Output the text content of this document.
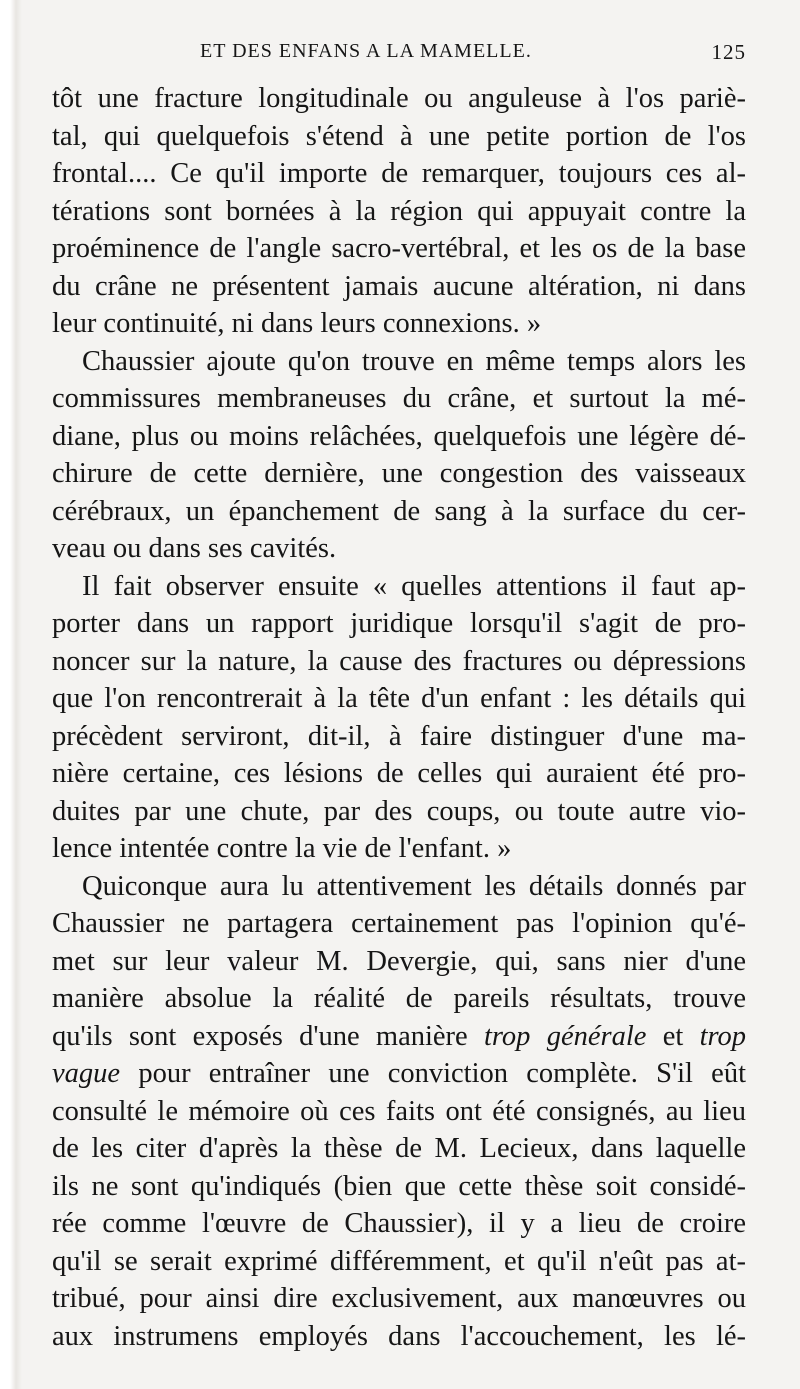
ET DES ENFANS A LA MAMELLE.	125
tôt une fracture longitudinale ou anguleuse à l'os pariè-
tal, qui quelquefois s'étend à une petite portion de l'os
frontal.... Ce qu'il importe de remarquer, toujours ces al-
térations sont bornées à la région qui appuyait contre la
proéminence de l'angle sacro-vertébral, et les os de la base
du crâne ne présentent jamais aucune altération, ni dans
leur continuité, ni dans leurs connexions. »
Chaussier ajoute qu'on trouve en même temps alors les
commissures membraneuses du crâne, et surtout la mé-
diane, plus ou moins relâchées, quelquefois une légère dé-
chirure de cette dernière, une congestion des vaisseaux
cérébraux, un épanchement de sang à la surface du cer-
veau ou dans ses cavités.
Il fait observer ensuite « quelles attentions il faut ap-
porter dans un rapport juridique lorsqu'il s'agit de pro-
noncer sur la nature, la cause des fractures ou dépressions
que l'on rencontrerait à la tête d'un enfant : les détails qui
précèdent serviront, dit-il, à faire distinguer d'une ma-
nière certaine, ces lésions de celles qui auraient été pro-
duites par une chute, par des coups, ou toute autre vio-
lence intentée contre la vie de l'enfant. »
Quiconque aura lu attentivement les détails donnés par
Chaussier ne partagera certainement pas l'opinion qu'é-
met sur leur valeur M. Devergie, qui, sans nier d'une
manière absolue la réalité de pareils résultats, trouve
qu'ils sont exposés d'une manière trop générale et trop
vague pour entraîner une conviction complète. S'il eût
consulté le mémoire où ces faits ont été consignés, au lieu
de les citer d'après la thèse de M. Lecieux, dans laquelle
ils ne sont qu'indiqués (bien que cette thèse soit considé-
rée comme l'œuvre de Chaussier), il y a lieu de croire
qu'il se serait exprimé différemment, et qu'il n'eût pas at-
tribué, pour ainsi dire exclusivement, aux manœuvres ou
aux instrumens employés dans l'accouchement, les lé-
